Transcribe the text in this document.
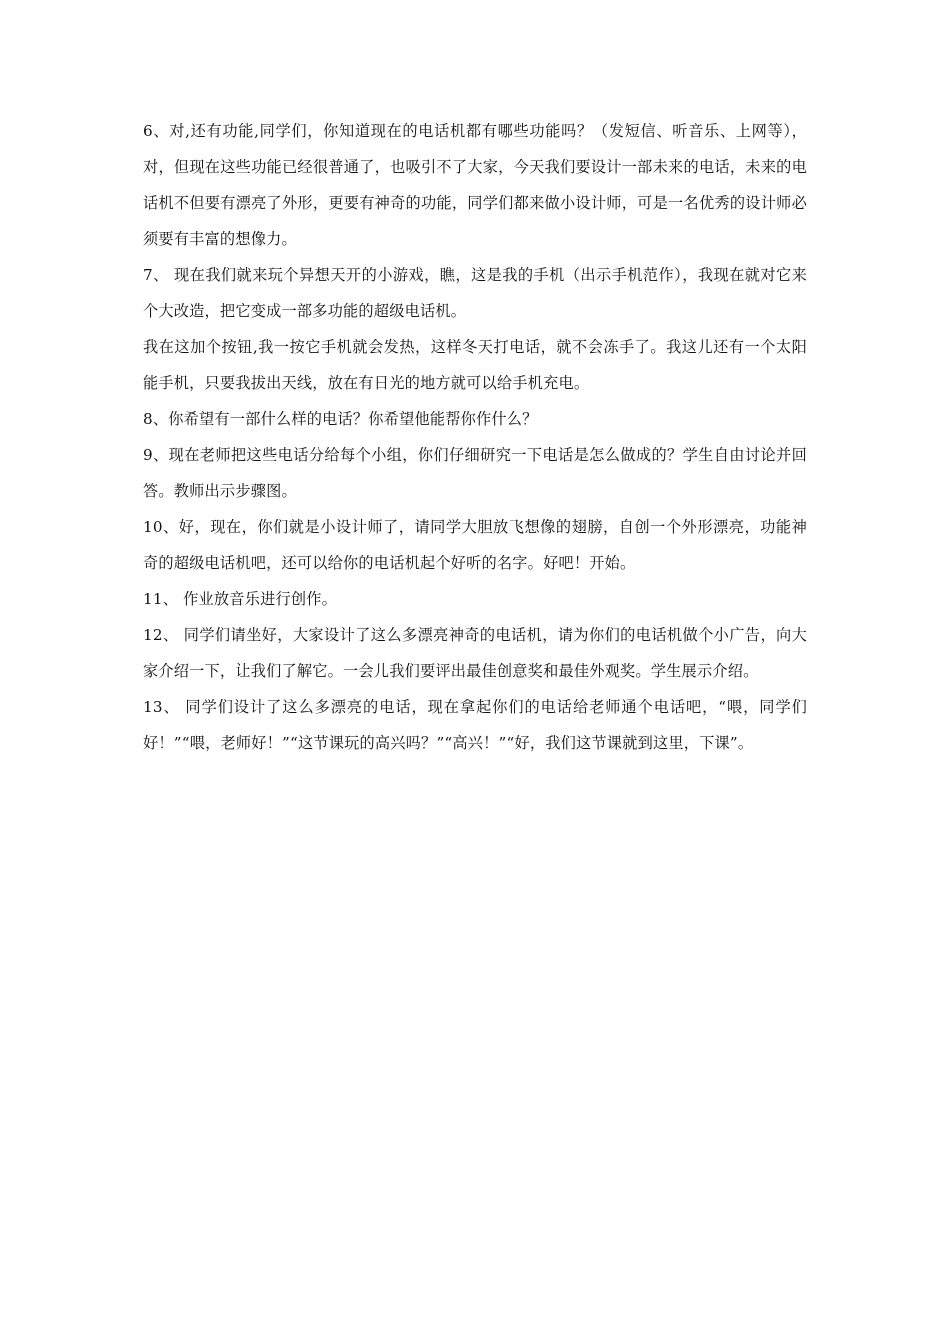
6、对,还有功能,同学们，你知道现在的电话机都有哪些功能吗？（发短信、听音乐、上网等），对，但现在这些功能已经很普通了，也吸引不了大家，今天我们要设计一部未来的电话，未来的电话机不但要有漂亮了外形，更要有神奇的功能，同学们都来做小设计师，可是一名优秀的设计师必须要有丰富的想像力。

7、 现在我们就来玩个异想天开的小游戏，瞧，这是我的手机（出示手机范作），我现在就对它来个大改造，把它变成一部多功能的超级电话机。

我在这加个按钮,我一按它手机就会发热，这样冬天打电话，就不会冻手了。我这儿还有一个太阳能手机，只要我拔出天线，放在有日光的地方就可以给手机充电。

8、你希望有一部什么样的电话？你希望他能帮你作什么？

9、现在老师把这些电话分给每个小组，你们仔细研究一下电话是怎么做成的？学生自由讨论并回答。教师出示步骤图。

10、好，现在，你们就是小设计师了，请同学大胆放飞想像的翅膀，自创一个外形漂亮，功能神奇的超级电话机吧，还可以给你的电话机起个好听的名字。好吧！开始。

11、 作业放音乐进行创作。

12、 同学们请坐好，大家设计了这么多漂亮神奇的电话机，请为你们的电话机做个小广告，向大家介绍一下，让我们了解它。一会儿我们要评出最佳创意奖和最佳外观奖。学生展示介绍。

13、 同学们设计了这么多漂亮的电话，现在拿起你们的电话给老师通个电话吧，“喂，同学们好！”“喂，老师好！”“这节课玩的高兴吗？”“高兴！”“好，我们这节课就到这里，下课”。
